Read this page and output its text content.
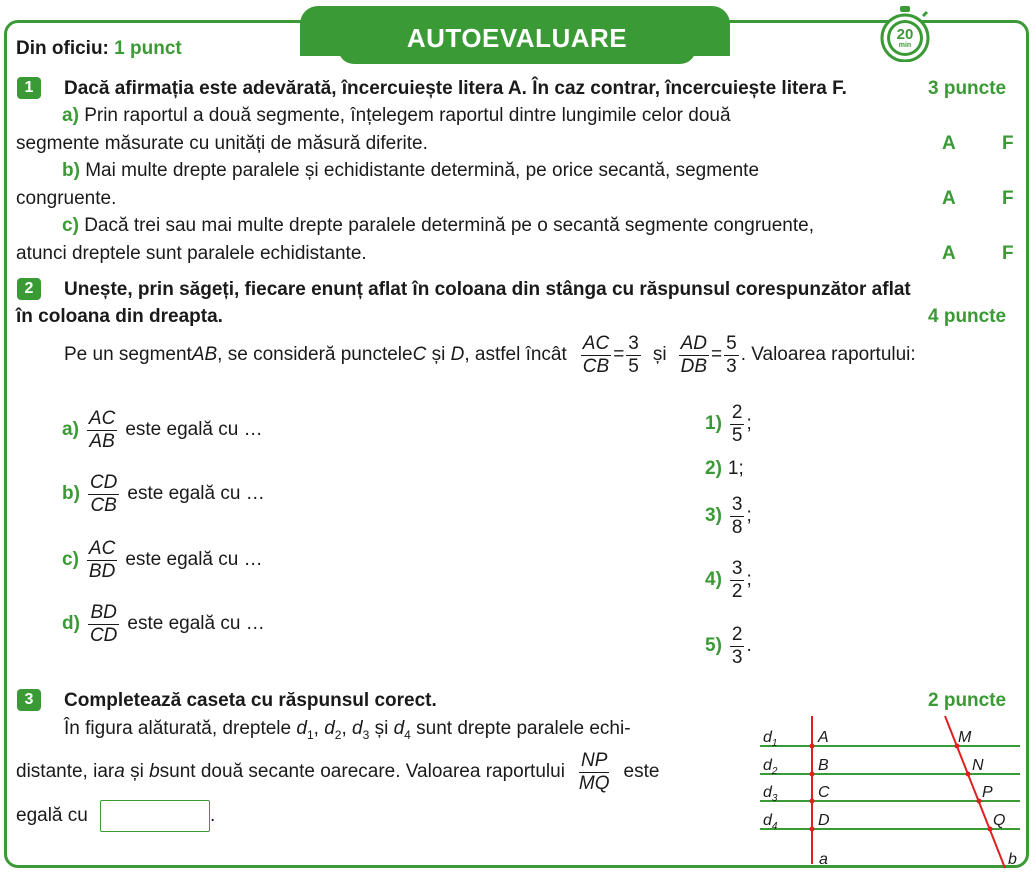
AUTOEVALUARE	20
min
Din oficiu: 1 punct
1	Dacă afirmația este adevărată, încercuiește litera A. În caz contrar, încercuiește litera F.	3 puncte
a) Prin raportul a două segmente, înțelegem raportul dintre lungimile celor două
segmente măsurate cu unități de măsură diferite.	A F
b) Mai multe drepte paralele și echidistante determină, pe orice secantă, segmente
congruente.	A F
c) Dacă trei sau mai multe drepte paralele determină pe o secantă segmente congruente,
atunci dreptele sunt paralele echidistante.	A F
2	Unește, prin săgeți, fiecare enunț aflat în coloana din stânga cu răspunsul corespunzător aflat
în coloana din dreapta.	4 puncte
Pe un segment AB , se consideră punctele C și D , astfel încât $\frac{AC}{CB} = \frac{3}{5}$ și $\frac{AD}{DB} = \frac{5}{3}$ . Valoarea raportului:
$a) \frac{AC}{AB}$ este egală cu …
$b) \frac{CD}{CB}$ este egală cu …
$c) \frac{AC}{BD}$ este egală cu …
$d) \frac{BD}{CD}$ este egală cu …
$1) \frac{2}{5}$ ;
2) 1;
$3) \frac{3}{8}$ ;
$4) \frac{3}{2}$ ;
$5) \frac{2}{3}$ .
3	Completează caseta cu răspunsul corect.	2 puncte
În figura alăturată, dreptele $d_1$, $d_2$, $d_3$ și $d_4$ sunt drepte paralele echi-
distante, iar a și b sunt două secante oarecare. Valoarea raportului $\frac{NP}{MQ}$ este
egală cu	.
$d_1$
$d_2$
$d_3$
$d_4$
A
B
C
D
M
N
P
Q
a	b
